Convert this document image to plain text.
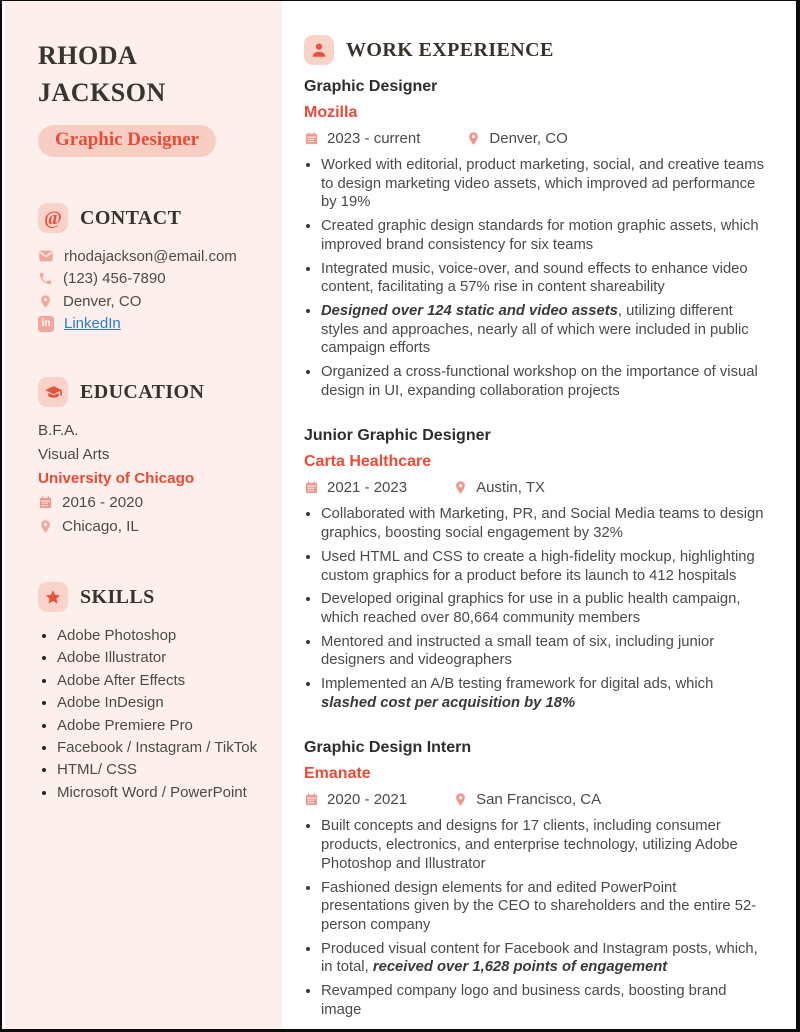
RHODA
JACKSON
Graphic Designer
@ CONTACT
rhodajackson@email.com
(123) 456-7890
Denver, CO
in LinkedIn
EDUCATION
B.F.A.
Visual Arts
University of Chicago
2016 - 2020
Chicago, IL
SKILLS
• Adobe Photoshop
• Adobe Illustrator
• Adobe After Effects
• Adobe InDesign
• Adobe Premiere Pro
• Facebook / Instagram / TikTok
• HTML/ CSS
• Microsoft Word / PowerPoint
WORK EXPERIENCE
Graphic Designer
Mozilla
2023 - current	Denver, CO
• Worked with editorial, product marketing, social, and creative teams to design marketing video assets, which improved ad performance by 19%
• Created graphic design standards for motion graphic assets, which improved brand consistency for six teams
• Integrated music, voice-over, and sound effects to enhance video content, facilitating a 57% rise in content shareability
• Designed over 124 static and video assets, utilizing different styles and approaches, nearly all of which were included in public campaign efforts
• Organized a cross-functional workshop on the importance of visual design in UI, expanding collaboration projects
Junior Graphic Designer
Carta Healthcare
2021 - 2023	Austin, TX
• Collaborated with Marketing, PR, and Social Media teams to design graphics, boosting social engagement by 32%
• Used HTML and CSS to create a high-fidelity mockup, highlighting custom graphics for a product before its launch to 412 hospitals
• Developed original graphics for use in a public health campaign, which reached over 80,664 community members
• Mentored and instructed a small team of six, including junior designers and videographers
• Implemented an A/B testing framework for digital ads, which slashed cost per acquisition by 18%
Graphic Design Intern
Emanate
2020 - 2021	San Francisco, CA
• Built concepts and designs for 17 clients, including consumer products, electronics, and enterprise technology, utilizing Adobe Photoshop and Illustrator
• Fashioned design elements for and edited PowerPoint presentations given by the CEO to shareholders and the entire 52-person company
• Produced visual content for Facebook and Instagram posts, which, in total, received over 1,628 points of engagement
• Revamped company logo and business cards, boosting brand image
